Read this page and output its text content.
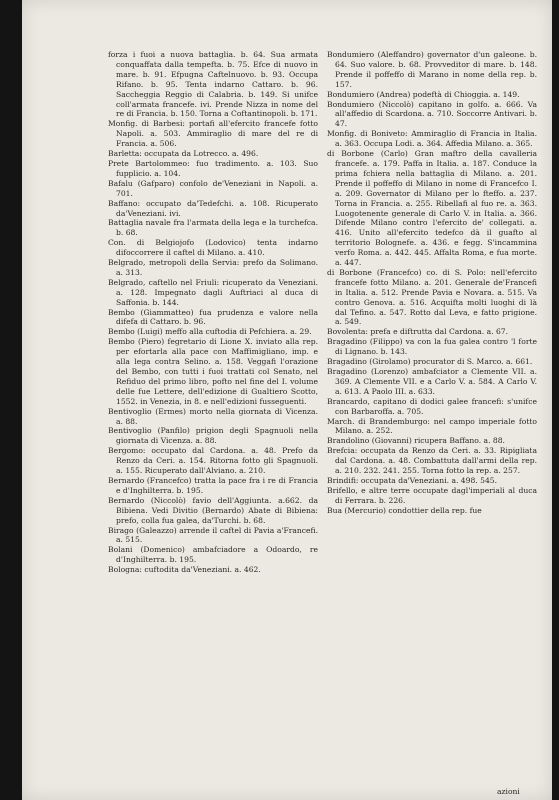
forza i fuoi a nuova battaglia. b. 64. Sua armata conquaffata dalla tempefta. b. 75. Efce di nuovo in mare. b. 91. Efpugna Caftelnuovo. b. 93. Occupa Rifano. b. 95. Tenta indarno Cattaro. b. 96. Saccheggia Reggio di Calabria. b. 149. Si unifce coll'armata francefe. ivi. Prende Nizza in nome del re di Francia. b. 150. Torna a Coftantinopoli. b. 171.

Monfig. di Barbesi: portafi all'efercito francefe fotto Napoli. a. 503. Ammiraglio di mare del re di Francia. a. 506.

Barletta: occupata da Lotrecco. a. 496.

Prete Bartolommeo: fuo tradimento. a. 103. Suo fupplicio. a. 104.

Bafalu (Gafparo) confolo de'Veneziani in Napoli. a. 701.

Baffano: occupato da'Tedefchi. a. 108. Ricuperato da'Veneziani. ivi.

Battaglia navale fra l'armata della lega e la turchefca. b. 68.

Con. di Belgiojofo (Lodovico) tenta indarno difoccorrere il caftel di Milano. a. 410.

Belgrado, metropoli della Servia: prefo da Solimano. a. 313.

Belgrado, caftello nel Friuli: ricuperato da Veneziani. a. 128. Impegnato dagli Auftriaci al duca di Saffonia. b. 144.

Bembo (Giammatteo) fua prudenza e valore nella difefa di Cattaro. b. 96.

Bembo (Luigi) meffo alla cuftodia di Pefchiera. a. 29.

Bembo (Piero) fegretario di Lione X. inviato alla rep. per efortarla alla pace con Maffimigliano, imp. e alla lega contra Selino. a. 158. Veggafi l'orazione del Bembo, con tutti i fuoi trattati col Senato, nel Refiduo del primo libro, pofto nel fine del I. volume delle fue Lettere, dell'edizione di Gualtiero Scotto, 1552. in Venezia, in 8. e nell'edizioni fusseguenti.

Bentivoglio (Ermes) morto nella giornata di Vicenza. a. 88.

Bentivoglio (Panfilo) prigion degli Spagnuoli nella giornata di Vicenza. a. 88.

Bergomo: occupato dal Cardona. a. 48. Prefo da Renzo da Ceri. a. 154. Ritorna fotto gli Spagnuoli. a. 155. Ricuperato dall'Alviano. a. 210.

Bernardo (Francefco) tratta la pace fra i re di Francia e d'Inghilterra. b. 195.

Bernardo (Niccolò) favio dell'Aggiunta. a.662. da Bibiena. Vedi Divitio (Bernardo) Abate di Bibiena: prefo, colla fua galea, da'Turchi. b. 68.

Birago (Galeazzo) arrende il caftel di Pavia a'Francefi. a. 515.

Bolani (Domenico) ambafciadore a Odoardo, re d'Inghilterra. b. 195.

Bologna: cuftodita da'Veneziani. a. 462.

Bondumiero (Aleffandro) governator d'un galeone. b. 64. Suo valore. b. 68. Provveditor di mare. b. 148. Prende il poffeffo di Marano in nome della rep. b. 157.

Bondumiero (Andrea) podeftà di Chioggia. a. 149.

Bondumiero (Niccolò) capitano in golfo. a. 666. Va all'affedio di Scardona. a. 710. Soccorre Antivari. b. 47.

Monfig. di Boniveto: Ammiraglio di Francia in Italia. a. 363. Occupa Lodi. a. 364. Affedia Milano. a. 365.

di Borbone (Carlo) Gran maftro della cavalleria francefe. a. 179. Paffa in Italia. a. 187. Conduce la prima fchiera nella battaglia di Milano. a. 201. Prende il poffeffo di Milano in nome di Francefco I. a. 209. Governator di Milano per lo fteffo. a. 237. Torna in Francia. a. 255. Ribellafi al fuo re. a. 363. Luogotenente generale di Carlo V. in Italia. a. 366. Difende Milano contro l'efercito de' collegati. a. 416. Unito all'efercito tedefco dà il guafto al territorio Bolognefe. a. 436. e fegg. S'incammina verfo Roma. a. 442. 445. Affalta Roma, e fua morte. a. 447.

di Borbone (Francefco) co. di S. Polo: nell'efercito francefe fotto Milano. a. 201. Generale de'Francefi in Italia. a. 512. Prende Pavia e Novara. a. 515. Va contro Genova. a. 516. Acquifta molti luoghi di là dal Tefino. a. 547. Rotto dal Leva, e fatto prigione. a. 549.

Bovolenta: prefa e diftrutta dal Cardona. a. 67.

Bragadino (Filippo) va con la fua galea contro 'l forte di Lignano. b. 143.

Bragadino (Girolamo) procurator di S. Marco. a. 661.

Bragadino (Lorenzo) ambafciator a Clemente VII. a. 369. A Clemente VII. e a Carlo V. a. 584. A Carlo V. a. 613. A Paolo III. a. 633.

Brancardo, capitano di dodici galee francefi: s'unifce con Barbaroffa. a. 705.

March. di Brandemburgo: nel campo imperiale fotto Milano. a. 252.

Brandolino (Giovanni) ricupera Baffano. a. 88.

Brefcia: occupata da Renzo da Ceri. a. 33. Ripigliata dal Cardona. a. 48. Combattuta dall'armi della rep. a. 210. 232. 241. 255. Torna fotto la rep. a. 257.

Brindifi: occupata da'Veneziani. a. 498. 545.

Brifello, e altre terre occupate dagl'imperiali al duca di Ferrara. b. 226.

Bua (Mercurio) condottier della rep. fue

azioni
